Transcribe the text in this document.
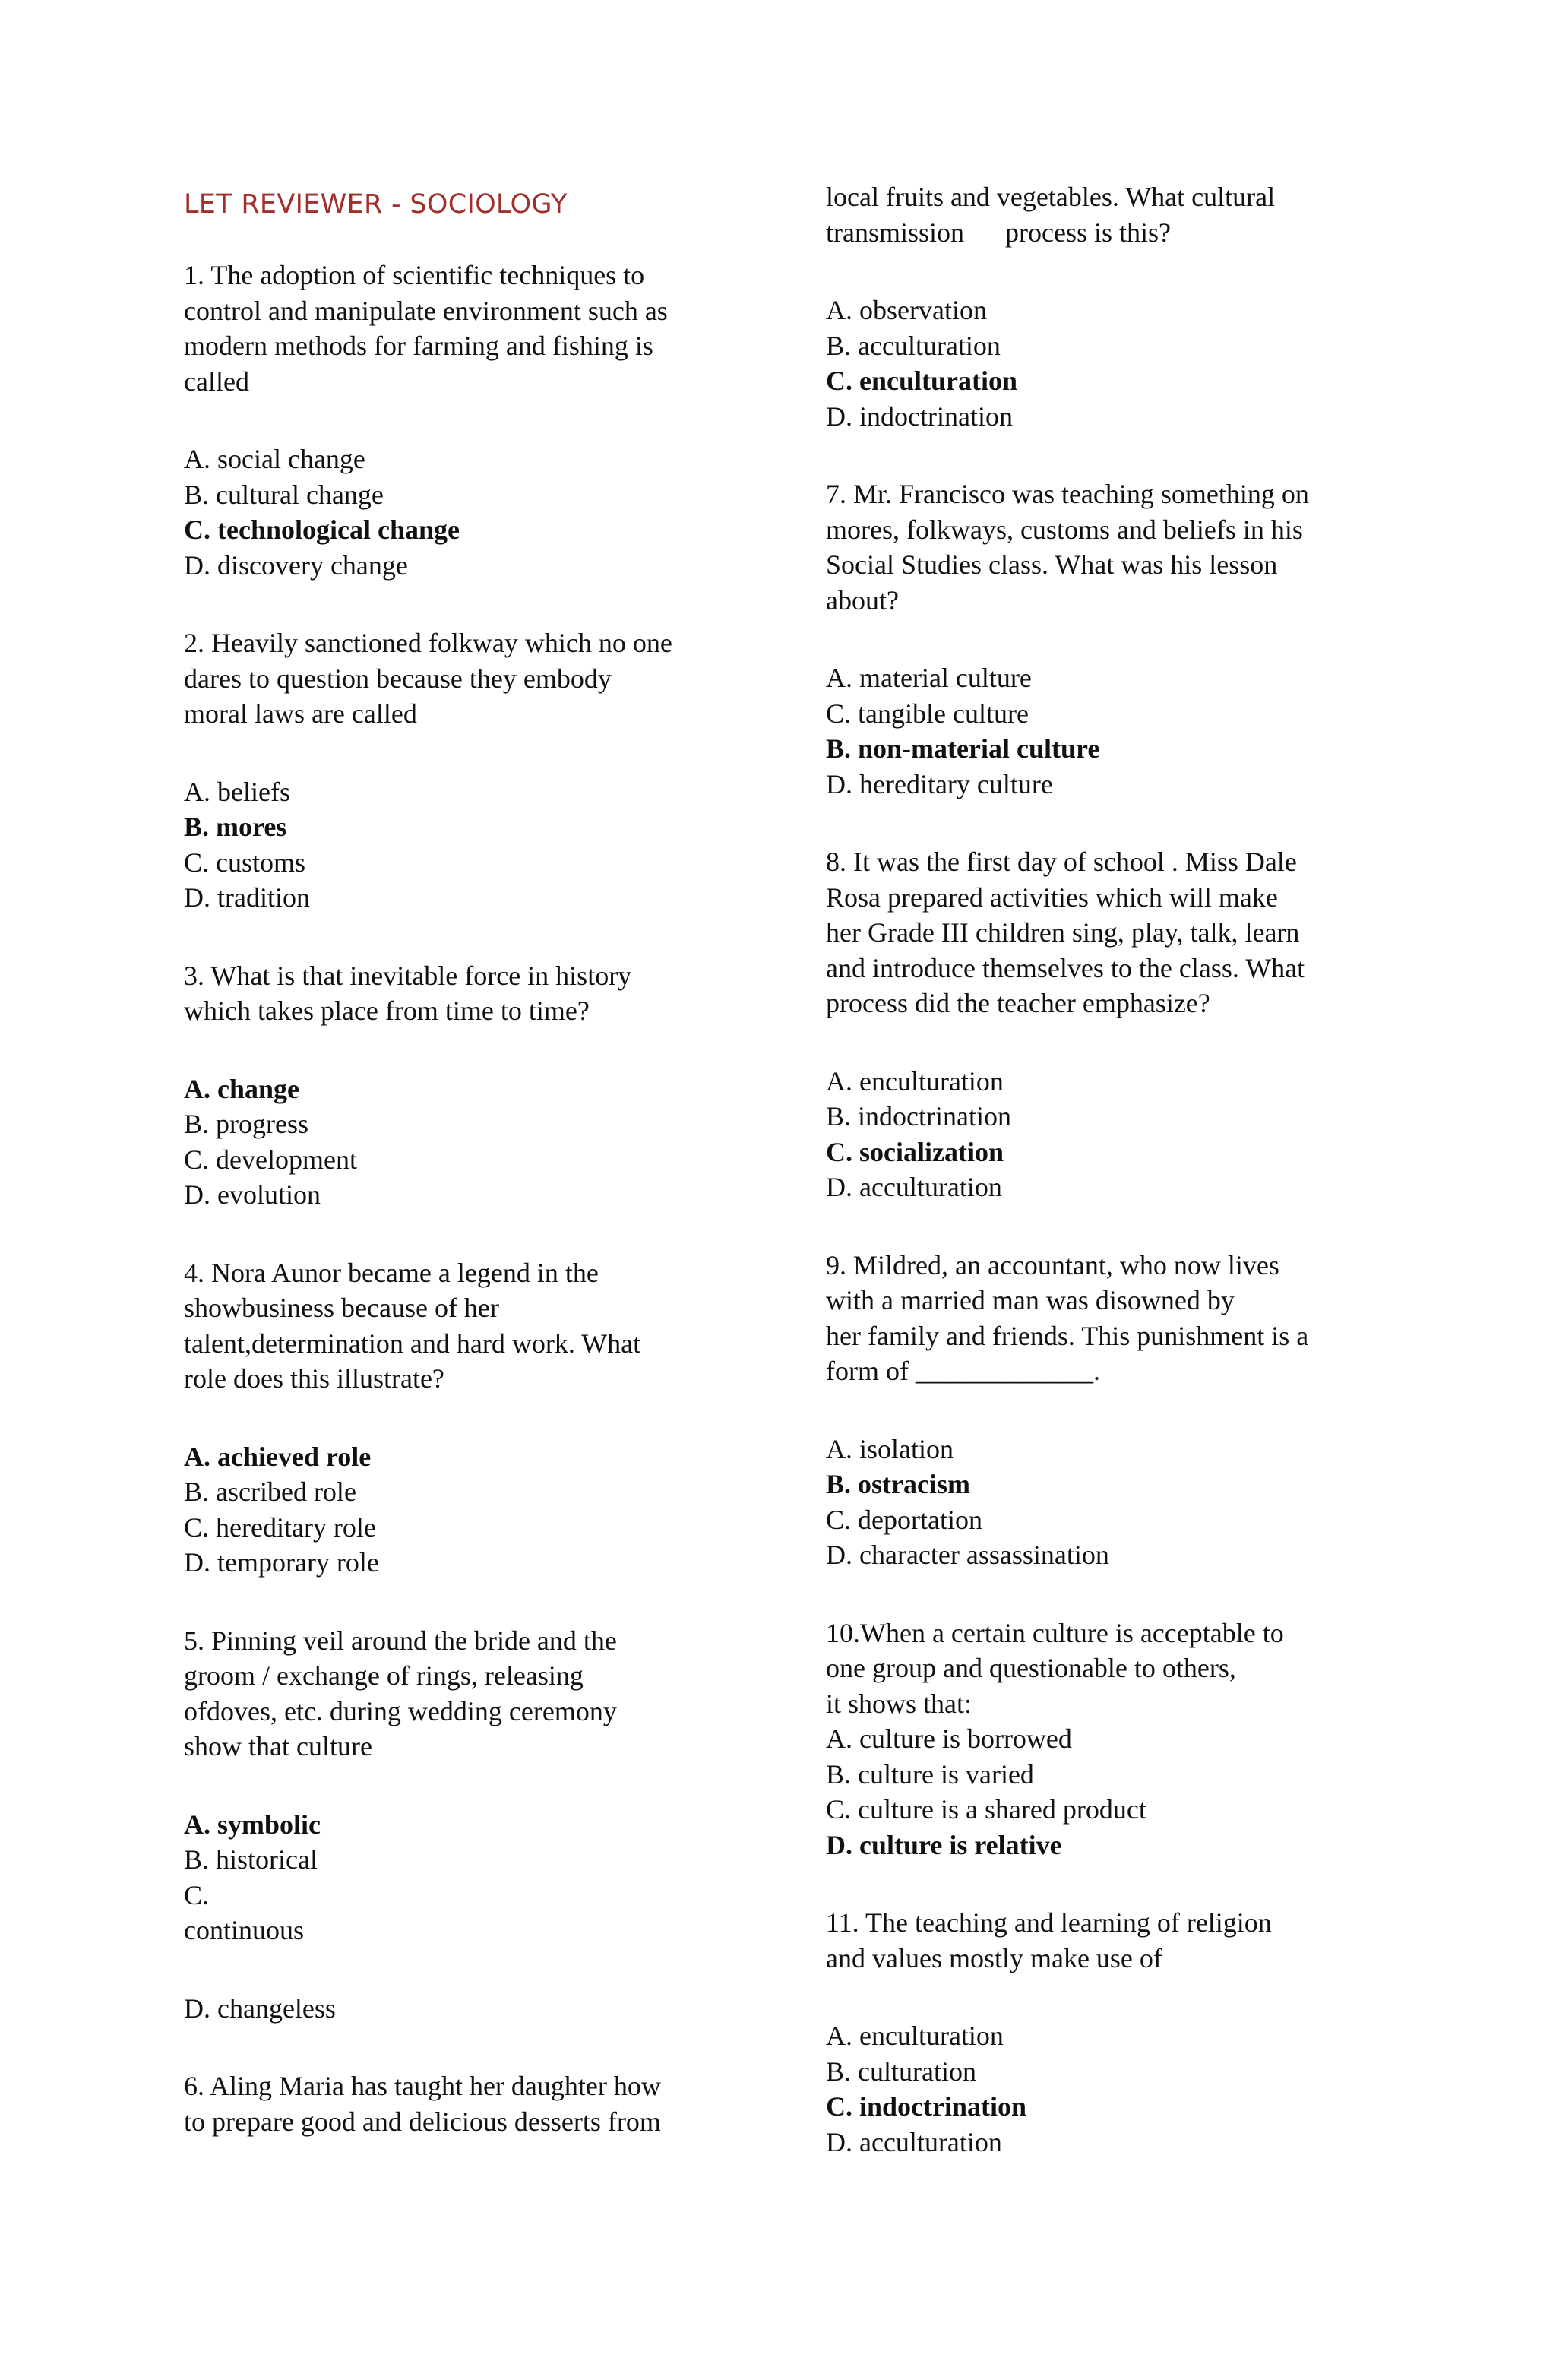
LET REVIEWER - SOCIOLOGY
1. The adoption of scientific techniques to
control and manipulate environment such as
modern methods for farming and fishing is
called
A. social change
B. cultural change
C. technological change
D. discovery change
2. Heavily sanctioned folkway which no one
dares to question because they embody
moral laws are called
A. beliefs
B. mores
C. customs
D. tradition
3. What is that inevitable force in history
which takes place from time to time?
A. change
B. progress
C. development
D. evolution
4. Nora Aunor became a legend in the
showbusiness because of her
talent,determination and hard work. What
role does this illustrate?
A. achieved role
B. ascribed role
C. hereditary role
D. temporary role
5. Pinning veil around the bride and the
groom / exchange of rings, releasing
ofdoves, etc. during wedding ceremony
show that culture
A. symbolic
B. historical
C.
continuous
D. changeless
6. Aling Maria has taught her daughter how
to prepare good and delicious desserts from
local fruits and vegetables. What cultural
transmission      process is this?
A. observation
B. acculturation
C. enculturation
D. indoctrination
7. Mr. Francisco was teaching something on
mores, folkways, customs and beliefs in his
Social Studies class. What was his lesson
about?
A. material culture
C. tangible culture
B. non-material culture
D. hereditary culture
8. It was the first day of school . Miss Dale
Rosa prepared activities which will make
her Grade III children sing, play, talk, learn
and introduce themselves to the class. What
process did the teacher emphasize?
A. enculturation
B. indoctrination
C. socialization
D. acculturation
9. Mildred, an accountant, who now lives
with a married man was disowned by
her family and friends. This punishment is a
form of _____________.
A. isolation
B. ostracism
C. deportation
D. character assassination
10.When a certain culture is acceptable to
one group and questionable to others,
it shows that:
A. culture is borrowed
B. culture is varied
C. culture is a shared product
D. culture is relative
11. The teaching and learning of religion
and values mostly make use of
A. enculturation
B. culturation
C. indoctrination
D. acculturation
